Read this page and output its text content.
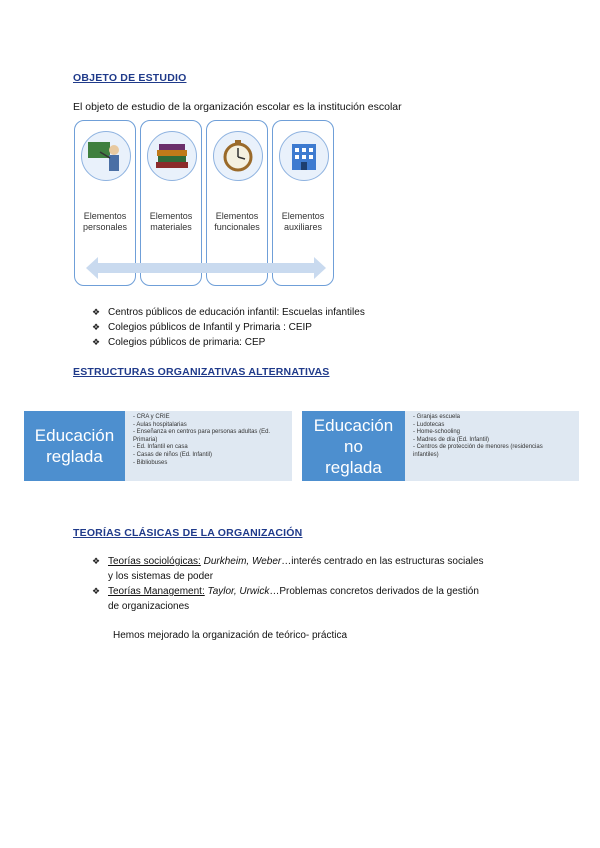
OBJETO DE ESTUDIO
El objeto de estudio de la organización escolar es la institución escolar
Elementos personales
Elementos materiales
Elementos funcionales
Elementos auxiliares
❖ Centros públicos de educación infantil: Escuelas infantiles
❖ Colegios públicos de Infantil y Primaria : CEIP
❖ Colegios públicos de primaria: CEP
ESTRUCTURAS ORGANIZATIVAS ALTERNATIVAS
Educación
reglada
- CRA y CRIE
- Aulas hospitalarias
- Enseñanza en centros para personas adultas (Ed.
Primaria)
- Ed. Infantil en casa
- Casas de niños (Ed. Infantil)
- Bibliobuses
Educación
no
reglada
- Granjas escuela
- Ludotecas
- Home-schooling
- Madres de día (Ed. Infantil)
- Centros de protección de menores (residencias
infantiles)
TEORÍAS CLÁSICAS DE LA ORGANIZACIÓN
❖ Teorías sociológicas: Durkheim, Weber…interés centrado en las estructuras sociales
y los sistemas de poder
❖ Teorías Management: Taylor, Urwick…Problemas concretos derivados de la gestión
de organizaciones
Hemos mejorado la organización de teórico- práctica
